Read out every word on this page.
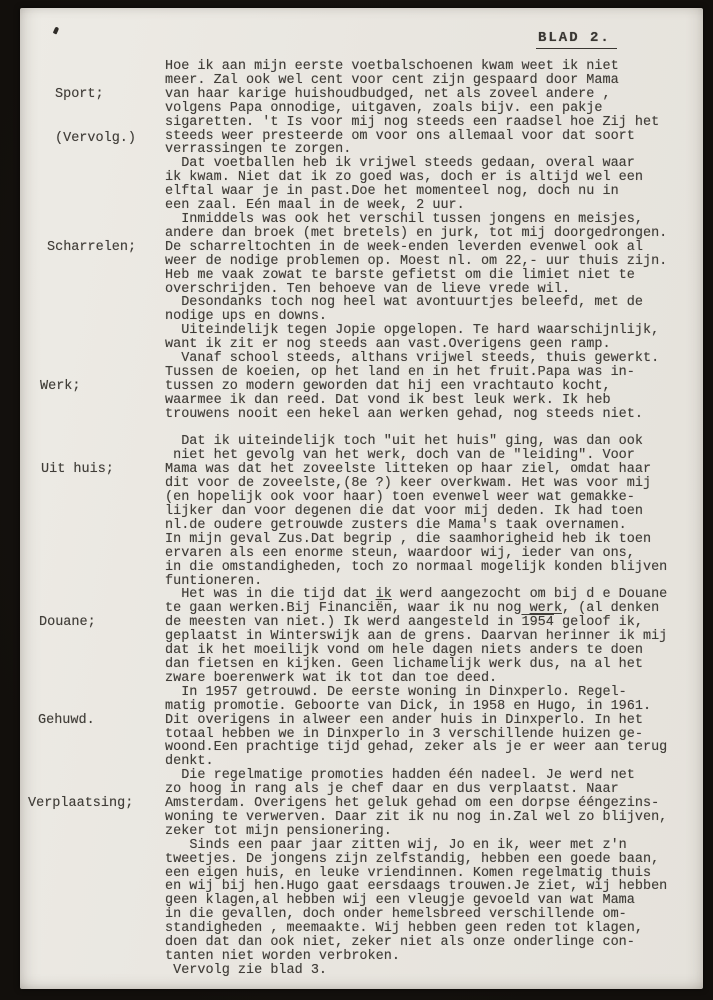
BLAD 2.

Sport;

(Vervolg.)

Hoe ik aan mijn eerste voetbalschoenen kwam weet ik niet
meer. Zal ook wel cent voor cent zijn gespaard door Mama
van haar karige huishoudbudged, net als zoveel andere ,
volgens Papa onnodige, uitgaven, zoals bijv. een pakje
sigaretten. 't Is voor mij nog steeds een raadsel hoe Zij het
steeds weer presteerde om voor ons allemaal voor dat soort
verrassingen te zorgen.
Dat voetballen heb ik vrijwel steeds gedaan, overal waar
ik kwam. Niet dat ik zo goed was, doch er is altijd wel een
elftal waar je in past.Doe het momenteel nog, doch nu in
een zaal. Eén maal in de week, 2 uur.

Scharrelen;

Inmiddels was ook het verschil tussen jongens en meisjes,
andere dan broek (met bretels) en jurk, tot mij doorgedrongen.
De scharreltochten in de week-enden leverden evenwel ook al
weer de nodige problemen op. Moest nl. om 22,- uur thuis zijn.
Heb me vaak zowat te barste gefietst om die limiet niet te
overschrijden. Ten behoeve van de lieve vrede wil.
Desondanks toch nog heel wat avontuurtjes beleefd, met de
nodige ups en downs.
Uiteindelijk tegen Jopie opgelopen. Te hard waarschijnlijk,
want ik zit er nog steeds aan vast.Overigens geen ramp.

Werk;

Vanaf school steeds, althans vrijwel steeds, thuis gewerkt.
Tussen de koeien, op het land en in het fruit.Papa was in-
tussen zo modern geworden dat hij een vrachtauto kocht,
waarmee ik dan reed. Dat vond ik best leuk werk. Ik heb
trouwens nooit een hekel aan werken gehad, nog steeds niet.

Uit huis;

Dat ik uiteindelijk toch "uit het huis" ging, was dan ook
niet het gevolg van het werk, doch van de "leiding". Voor
Mama was dat het zoveelste litteken op haar ziel, omdat haar
dit voor de zoveelste,(8e ?) keer overkwam. Het was voor mij
(en hopelijk ook voor haar) toen evenwel weer wat gemakke-
lijker dan voor degenen die dat voor mij deden. Ik had toen
nl.de oudere getrouwde zusters die Mama's taak overnamen.
In mijn geval Zus.Dat begrip , die saamhorigheid heb ik toen
ervaren als een enorme steun, waardoor wij, ieder van ons,
in die omstandigheden, toch zo normaal mogelijk konden blijven
funtioneren.

Douane;

Het was in die tijd dat ik werd aangezocht om bij d e Douane
te gaan werken.Bij Financiën, waar ik nu nog werk, (al denken
de meesten van niet.) Ik werd aangesteld in 1954 geloof ik,
geplaatst in Winterswijk aan de grens. Daarvan herinner ik mij
dat ik het moeilijk vond om hele dagen niets anders te doen
dan fietsen en kijken. Geen lichamelijk werk dus, na al het
zware boerenwerk wat ik tot dan toe deed.

Gehuwd.

In 1957 getrouwd. De eerste woning in Dinxperlo. Regel-
matig promotie. Geboorte van Dick, in 1958 en Hugo, in 1961.
Dit overigens in alweer een ander huis in Dinxperlo. In het
totaal hebben we in Dinxperlo in 3 verschillende huizen ge-
woond.Een prachtige tijd gehad, zeker als je er weer aan terug
denkt.

Verplaatsing;

Die regelmatige promoties hadden één nadeel. Je werd net
zo hoog in rang als je chef daar en dus verplaatst. Naar
Amsterdam. Overigens het geluk gehad om een dorpse ééngezins-
woning te verwerven. Daar zit ik nu nog in.Zal wel zo blijven,
zeker tot mijn pensionering.
Sinds een paar jaar zitten wij, Jo en ik, weer met z'n
tweetjes. De jongens zijn zelfstandig, hebben een goede baan,
een eigen huis, en leuke vriendinnen. Komen regelmatig thuis
en wij bij hen.Hugo gaat eersdaags trouwen.Je ziet, wij hebben
geen klagen,al hebben wij een vleugje gevoeld van wat Mama
in die gevallen, doch onder hemelsbreed verschillende om-
standigheden , meemaakte. Wij hebben geen reden tot klagen,
doen dat dan ook niet, zeker niet als onze onderlinge con-
tanten niet worden verbroken.
Vervolg zie blad 3.
